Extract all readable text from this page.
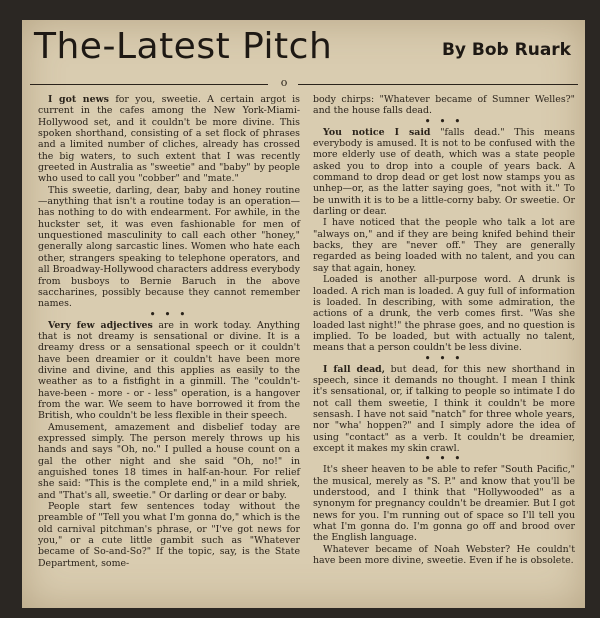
The-Latest Pitch	By Bob Ruark
o

I got news for you, sweetie. A certain argot is current in the cafes among the New York-Miami-Hollywood set, and it couldn't be more divine. This spoken shorthand, consisting of a set flock of phrases and a limited number of cliches, already has crossed the big waters, to such extent that I was recently greeted in Australia as "sweetie" and "baby" by people who used to call you "cobber" and "mate."

This sweetie, darling, dear, baby and honey routine—anything that isn't a routine today is an operation—has nothing to do with endearment. For awhile, in the huckster set, it was even fashionable for men of unquestioned masculinity to call each other "honey," generally along sarcastic lines. Women who hate each other, strangers speaking to telephone operators, and all Broadway-Hollywood characters address everybody from busboys to Bernie Baruch in the above saccharines, possibly because they cannot remember names.

• • •

Very few adjectives are in work today. Anything that is not dreamy is sensational or divine. It is a dreamy dress or a sensational speech or it couldn't have been dreamier or it couldn't have been more divine and divine, and this applies as easily to the weather as to a fistfight in a ginmill. The "couldn't-have-been - more - or - less" operation, is a hangover from the war. We seem to have borrowed it from the British, who couldn't be less flexible in their speech.

Amusement, amazement and disbelief today are expressed simply. The person merely throws up his hands and says "Oh, no." I pulled a house count on a gal the other night and she said "Oh, no!" in anguished tones 18 times in half-an-hour. For relief she said: "This is the complete end," in a mild shriek, and "That's all, sweetie." Or darling or dear or baby.

People start few sentences today without the preamble of "Tell you what I'm gonna do," which is the old carnival pitchman's phrase, or "I've got news for you," or a cute little gambit such as "Whatever became of So-and-So?" If the topic, say, is the State Department, some-

body chirps: "Whatever became of Sumner Welles?" and the house falls dead.

• • •

You notice I said "falls dead." This means everybody is amused. It is not to be confused with the more elderly use of death, which was a state people asked you to drop into a couple of years back. A command to drop dead or get lost now stamps you as unhep—or, as the latter saying goes, "not with it." To be unwith it is to be a little-corny baby. Or sweetie. Or darling or dear.

I have noticed that the people who talk a lot are "always on," and if they are being knifed behind their backs, they are "never off." They are generally regarded as being loaded with no talent, and you can say that again, honey.

Loaded is another all-purpose word. A drunk is loaded. A rich man is loaded. A guy full of information is loaded. In describing, with some admiration, the actions of a drunk, the verb comes first. "Was she loaded last night!" the phrase goes, and no question is implied. To be loaded, but with actually no talent, means that a person couldn't be less divine.

• • •

I fall dead, but dead, for this new shorthand in speech, since it demands no thought. I mean I think it's sensational, or, if talking to people so intimate I do not call them sweetie, I think it couldn't be more sensash. I have not said "natch" for three whole years, nor "wha' hoppen?" and I simply adore the idea of using "contact" as a verb. It couldn't be dreamier, except it makes my skin crawl.

• • •

It's sheer heaven to be able to refer "South Pacific," the musical, merely as "S. P." and know that you'll be understood, and I think that "Hollywooded" as a synonym for pregnancy couldn't be dreamier. But I got news for you. I'm running out of space so I'll tell you what I'm gonna do. I'm gonna go off and brood over the English language.

Whatever became of Noah Webster? He couldn't have been more divine, sweetie. Even if he is obsolete.
